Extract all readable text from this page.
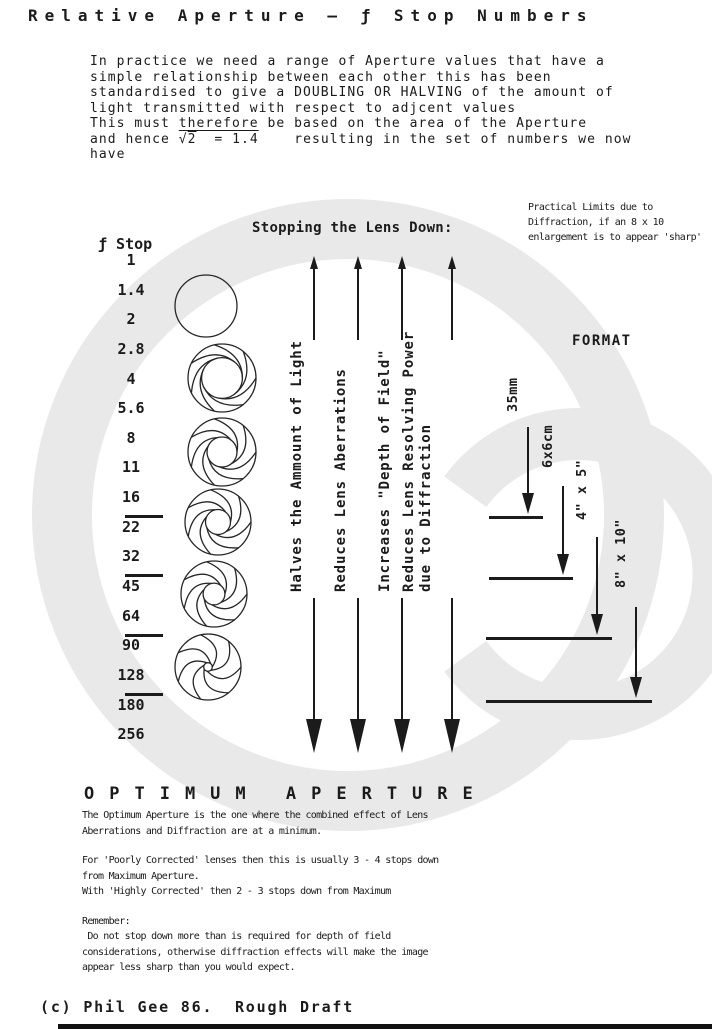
Relative Aperture — ƒ Stop Numbers
In practice we need a range of Aperture values that have a
simple relationship between each other this has been
standardised to give a DOUBLING OR HALVING of the amount of
light transmitted with respect to adjcent values
This must therefore be based on the area of the Aperture
and hence √2  = 1.4    resulting in the set of numbers we now
have
Practical Limits due to
Diffraction, if an 8 x 10
enlargement is to appear 'sharp'
Stopping the Lens Down:
ƒ Stop
1
1.4
2
2.8
4
5.6
8
11
16
22
32
45
64
90
128
180
256
Halves the Ammount of Light Reduces Lens Aberrations Increases "Depth of Field" Reduces Lens Resolving Power
due to Diffraction
FORMAT
35mm
6x6cm
4" x 5"
8" x 10"
OPTIMUM APERTURE
The Optimum Aperture is the one where the combined effect of Lens
Aberrations and Diffraction are at a minimum.
For 'Poorly Corrected' lenses then this is usually 3 - 4 stops down
from Maximum Aperture.
With 'Highly Corrected' then 2 - 3 stops down from Maximum
Remember:
Do not stop down more than is required for depth of field
considerations, otherwise diffraction effects will make the image
appear less sharp than you would expect.
(c) Phil Gee 86.  Rough Draft
